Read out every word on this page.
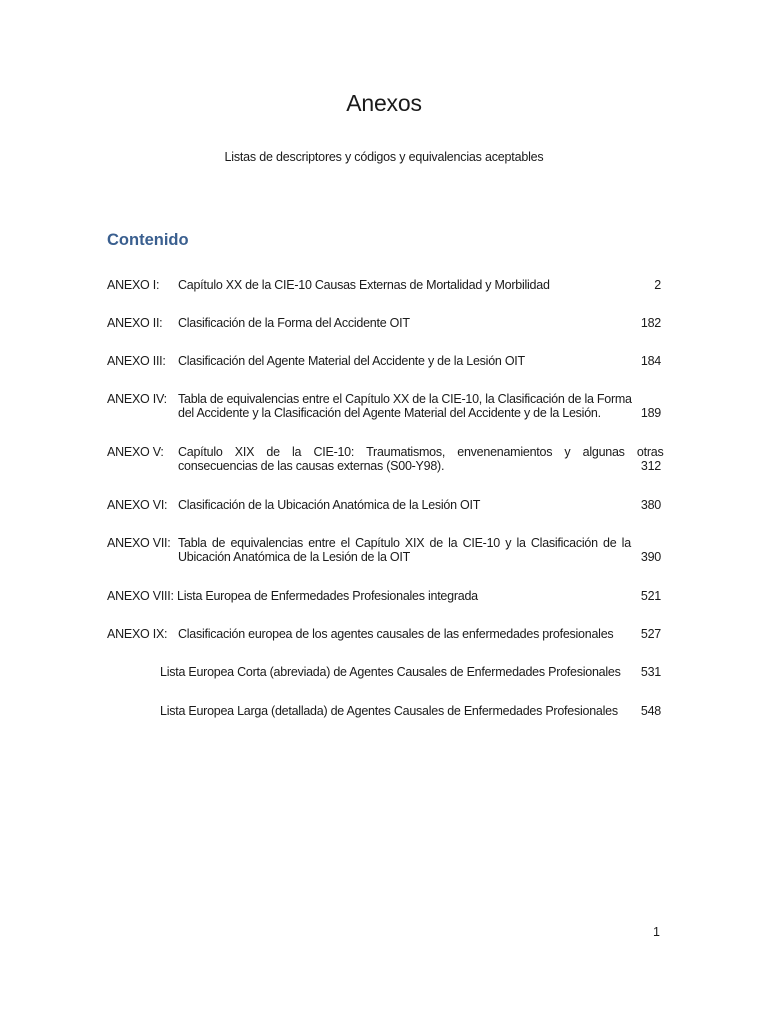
Anexos
Listas de descriptores y códigos y equivalencias aceptables
Contenido
ANEXO I: Capítulo XX de la CIE-10 Causas Externas de Mortalidad y Morbilidad	2
ANEXO II: Clasificación de la Forma del Accidente OIT	182
ANEXO III: Clasificación del Agente Material del Accidente y de la Lesión OIT	184
ANEXO IV: Tabla de equivalencias entre el Capítulo XX de la CIE-10, la Clasificación de la Forma
del Accidente y la Clasificación del Agente Material del Accidente y de la Lesión.	189
ANEXO V: Capítulo XIX de la CIE-10: Traumatismos, envenenamientos y algunas otras
consecuencias de las causas externas (S00-Y98).	312
ANEXO VI: Clasificación de la Ubicación Anatómica de la Lesión OIT	380
ANEXO VII: Tabla de equivalencias entre el Capítulo XIX de la CIE-10 y la Clasificación de la
Ubicación Anatómica de la Lesión de la OIT	390
ANEXO VIII: Lista Europea de Enfermedades Profesionales integrada	521
ANEXO IX: Clasificación europea de los agentes causales de las enfermedades profesionales	527
Lista Europea Corta (abreviada) de Agentes Causales de Enfermedades Profesionales	531
Lista Europea Larga (detallada) de Agentes Causales de Enfermedades Profesionales	548
1
